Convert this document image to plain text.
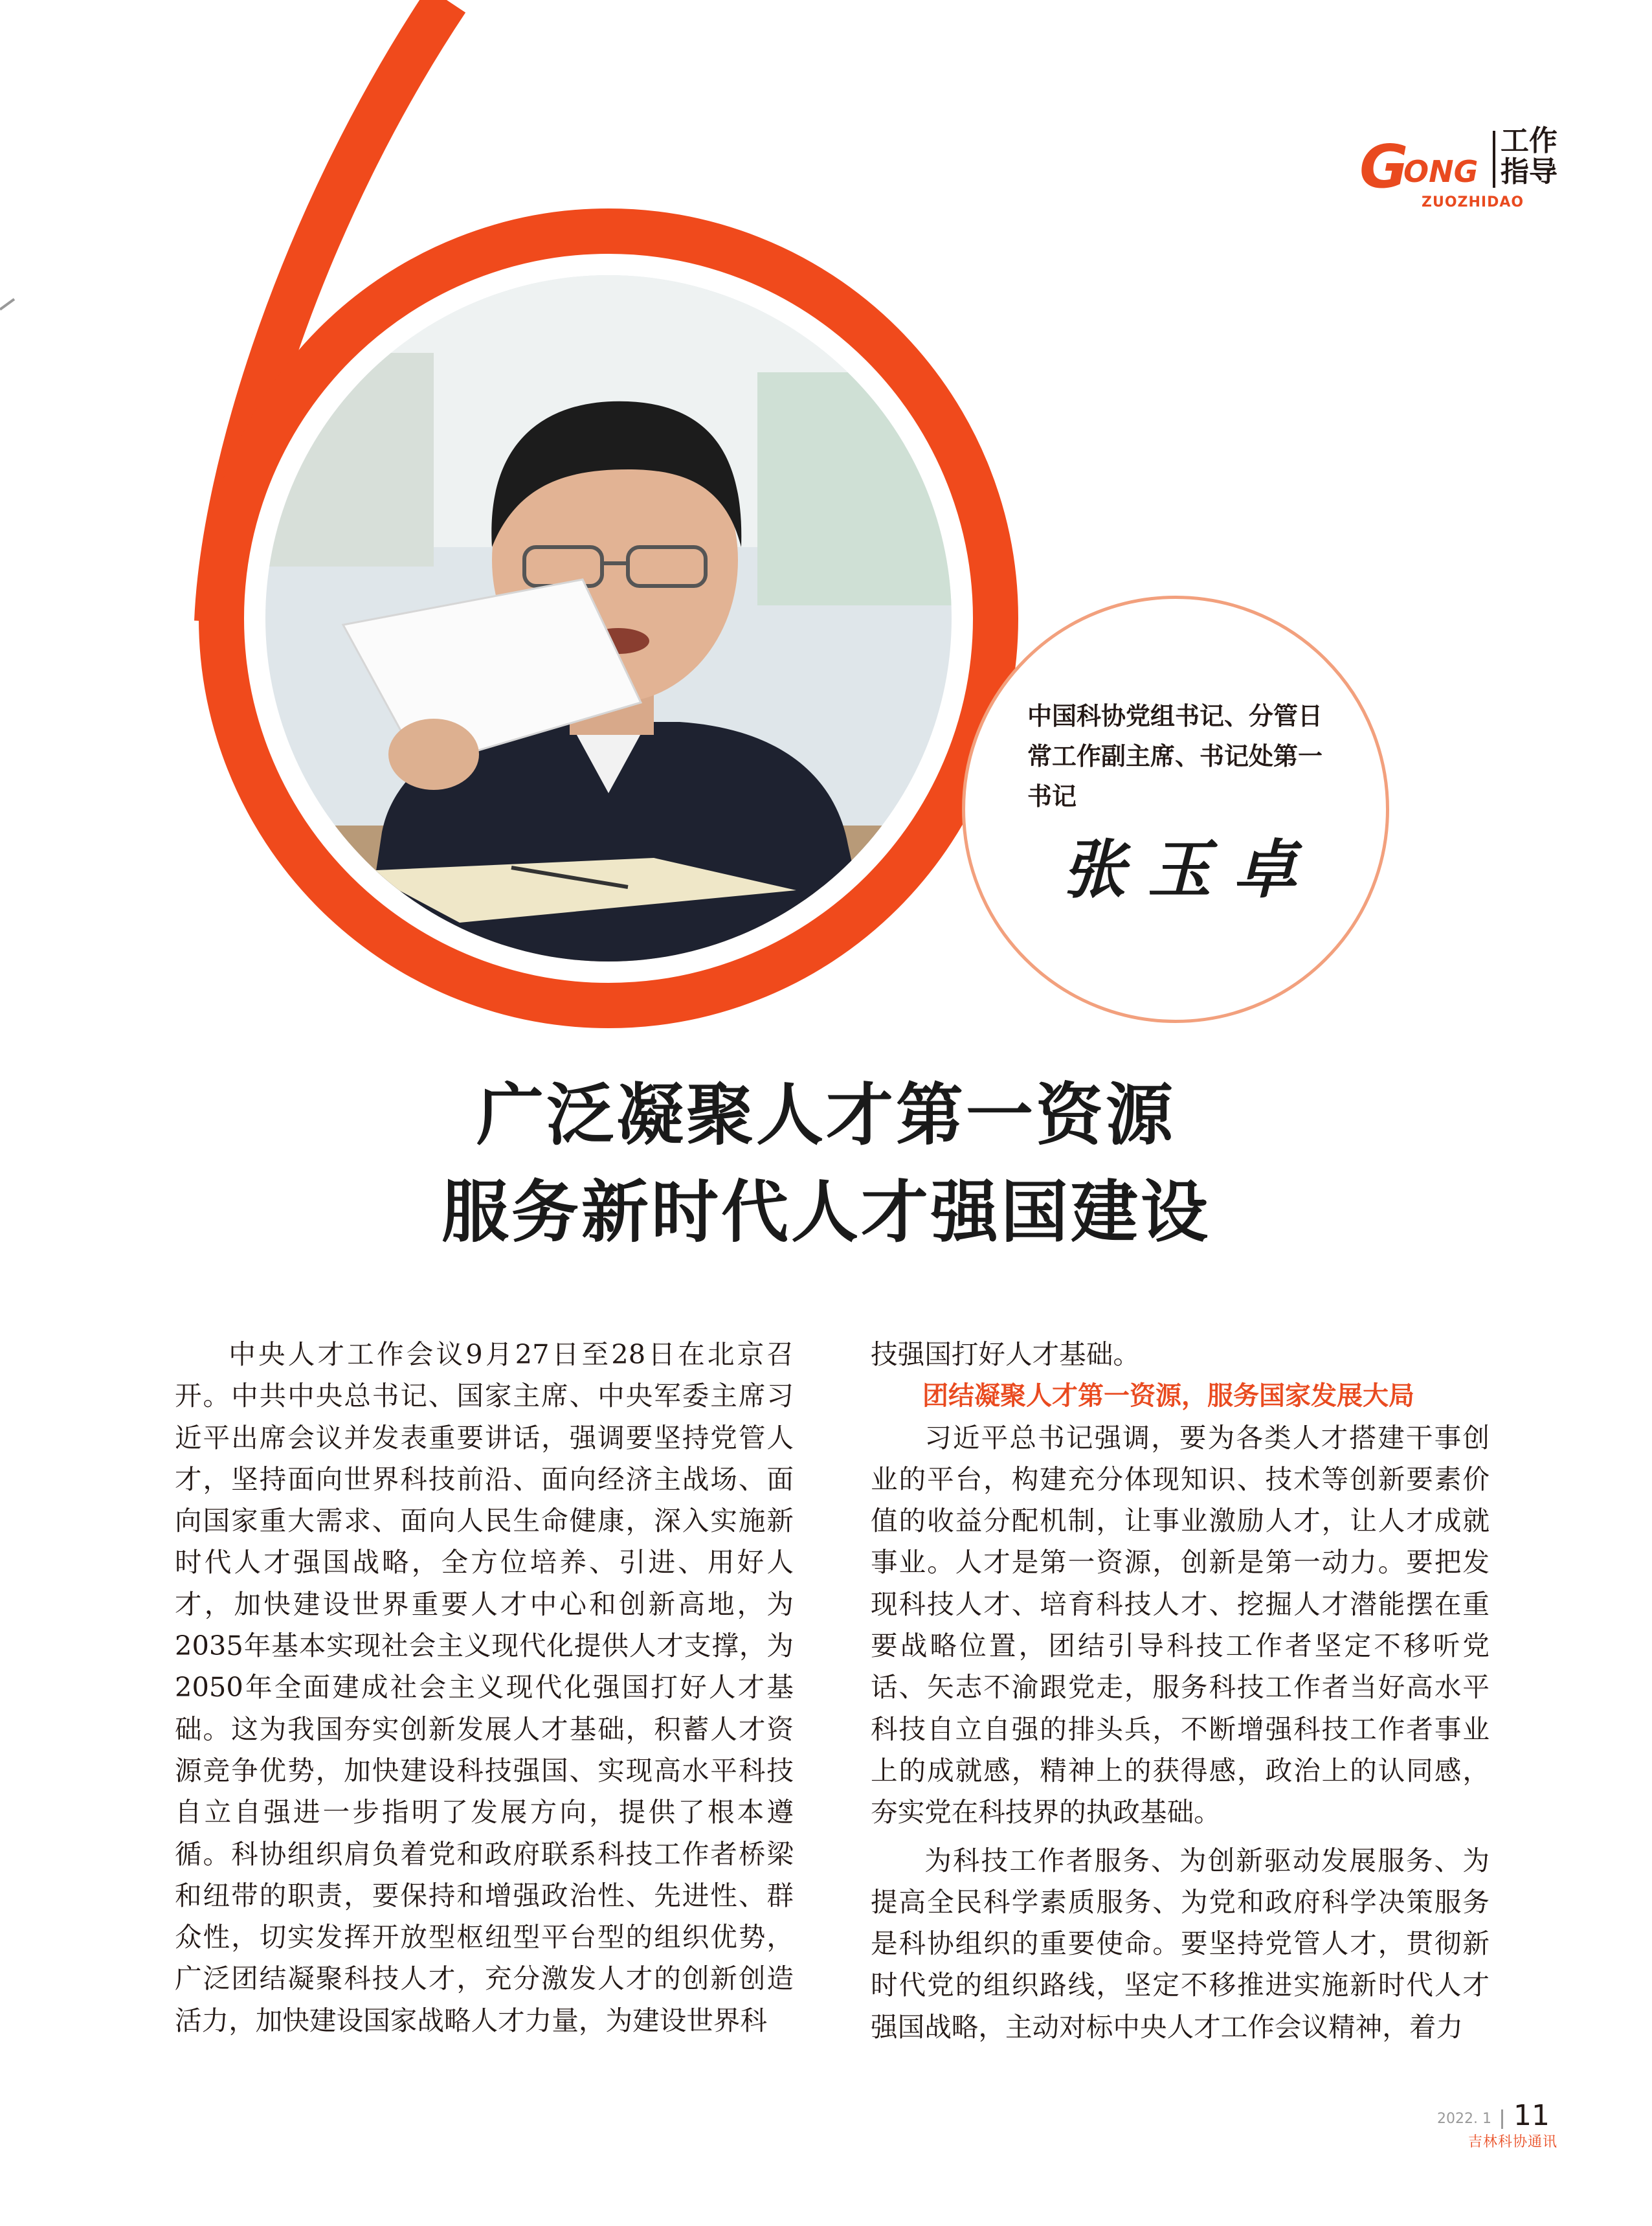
G
ONG
工作
指导
ZUOZHIDAO
中国科协党组书记、分管日常工作副主席、书记处第一书记
张玉卓
广泛凝聚人才第一资源
服务新时代人才强国建设

中央人才工作会议9月27日至28日在北京召开。中共中央总书记、国家主席、中央军委主席习近平出席会议并发表重要讲话，强调要坚持党管人才，坚持面向世界科技前沿、面向经济主战场、面向国家重大需求、面向人民生命健康，深入实施新时代人才强国战略，全方位培养、引进、用好人才，加快建设世界重要人才中心和创新高地，为2035年基本实现社会主义现代化提供人才支撑，为2050年全面建成社会主义现代化强国打好人才基础。这为我国夯实创新发展人才基础，积蓄人才资源竞争优势，加快建设科技强国、实现高水平科技自立自强进一步指明了发展方向，提供了根本遵循。科协组织肩负着党和政府联系科技工作者桥梁和纽带的职责，要保持和增强政治性、先进性、群众性，切实发挥开放型枢纽型平台型的组织优势，广泛团结凝聚科技人才，充分激发人才的创新创造活力，加快建设国家战略人才力量，为建设世界科

技强国打好人才基础。

团结凝聚人才第一资源，服务国家发展大局

习近平总书记强调，要为各类人才搭建干事创业的平台，构建充分体现知识、技术等创新要素价值的收益分配机制，让事业激励人才，让人才成就事业。人才是第一资源，创新是第一动力。要把发现科技人才、培育科技人才、挖掘人才潜能摆在重要战略位置，团结引导科技工作者坚定不移听党话、矢志不渝跟党走，服务科技工作者当好高水平科技自立自强的排头兵，不断增强科技工作者事业上的成就感，精神上的获得感，政治上的认同感，夯实党在科技界的执政基础。

为科技工作者服务、为创新驱动发展服务、为提高全民科学素质服务、为党和政府科学决策服务是科协组织的重要使命。要坚持党管人才，贯彻新时代党的组织路线，坚定不移推进实施新时代人才强国战略，主动对标中央人才工作会议精神，着力

2022. 1 11
吉林科协通讯
